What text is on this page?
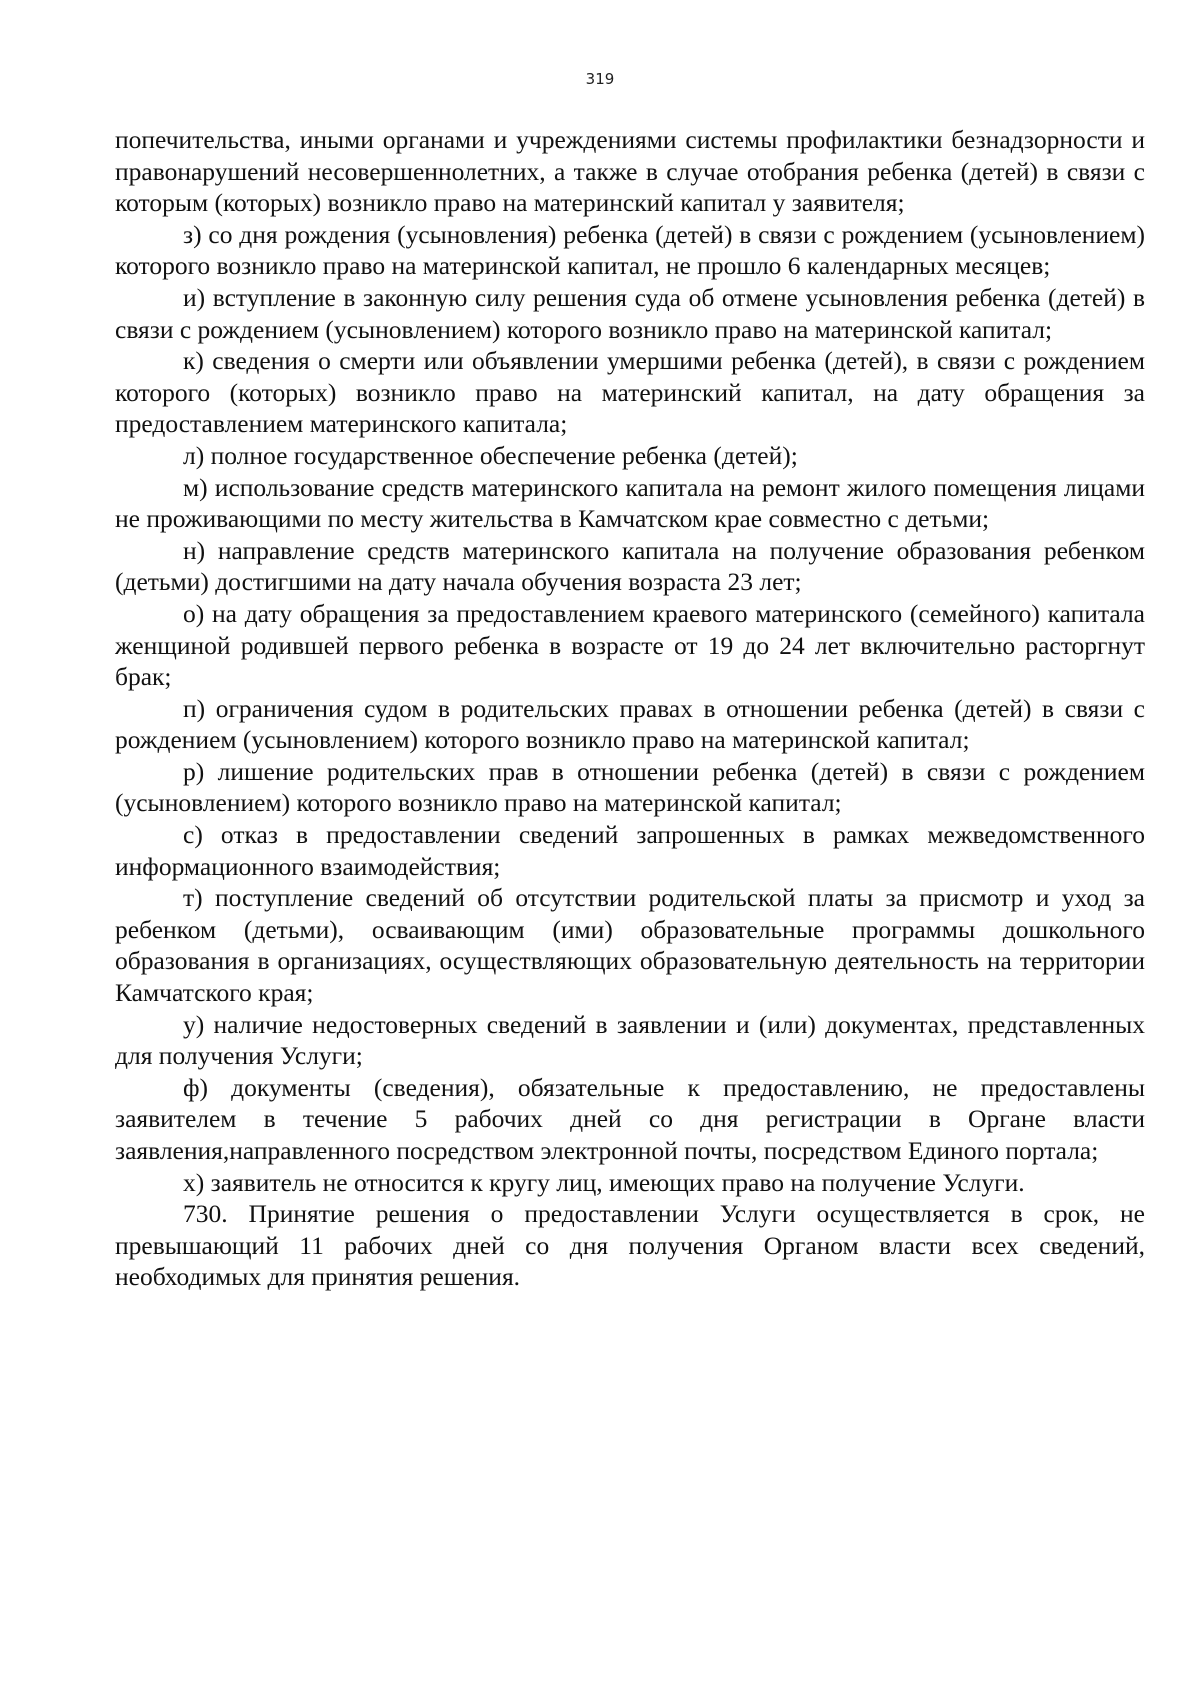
319

попечительства, иными органами и учреждениями системы профилактики безнадзорности и правонарушений несовершеннолетних, а также в случае отобрания ребенка (детей) в связи с которым (которых) возникло право на материнский капитал у заявителя;

з) со дня рождения (усыновления) ребенка (детей) в связи с рождением (усыновлением) которого возникло право на материнской капитал, не прошло 6 календарных месяцев;

и) вступление в законную силу решения суда об отмене усыновления ребенка (детей) в связи с рождением (усыновлением) которого возникло право на материнской капитал;

к) сведения о смерти или объявлении умершими ребенка (детей), в связи с рождением которого (которых) возникло право на материнский капитал, на дату обращения за предоставлением материнского капитала;

л) полное государственное обеспечение ребенка (детей);

м) использование средств материнского капитала на ремонт жилого помещения лицами не проживающими по месту жительства в Камчатском крае совместно с детьми;

н) направление средств материнского капитала на получение образования ребенком (детьми) достигшими на дату начала обучения возраста 23 лет;

о) на дату обращения за предоставлением краевого материнского (семейного) капитала женщиной родившей первого ребенка в возрасте от 19 до 24 лет включительно расторгнут брак;

п) ограничения судом в родительских правах в отношении ребенка (детей) в связи с рождением (усыновлением) которого возникло право на материнской капитал;

р) лишение родительских прав в отношении ребенка (детей) в связи с рождением (усыновлением) которого возникло право на материнской капитал;

с) отказ в предоставлении сведений запрошенных в рамках межведомственного информационного взаимодействия;

т) поступление сведений об отсутствии родительской платы за присмотр и уход за ребенком (детьми), осваивающим (ими) образовательные программы дошкольного образования в организациях, осуществляющих образовательную деятельность на территории Камчатского края;

у) наличие недостоверных сведений в заявлении и (или) документах, представленных для получения Услуги;

ф) документы (сведения), обязательные к предоставлению, не предоставлены заявителем в течение 5 рабочих дней со дня регистрации в Органе власти заявления,направленного посредством электронной почты, посредством Единого портала;

х) заявитель не относится к кругу лиц, имеющих право на получение Услуги.

730. Принятие решения о предоставлении Услуги осуществляется в срок, не превышающий 11 рабочих дней со дня получения Органом власти всех сведений, необходимых для принятия решения.
